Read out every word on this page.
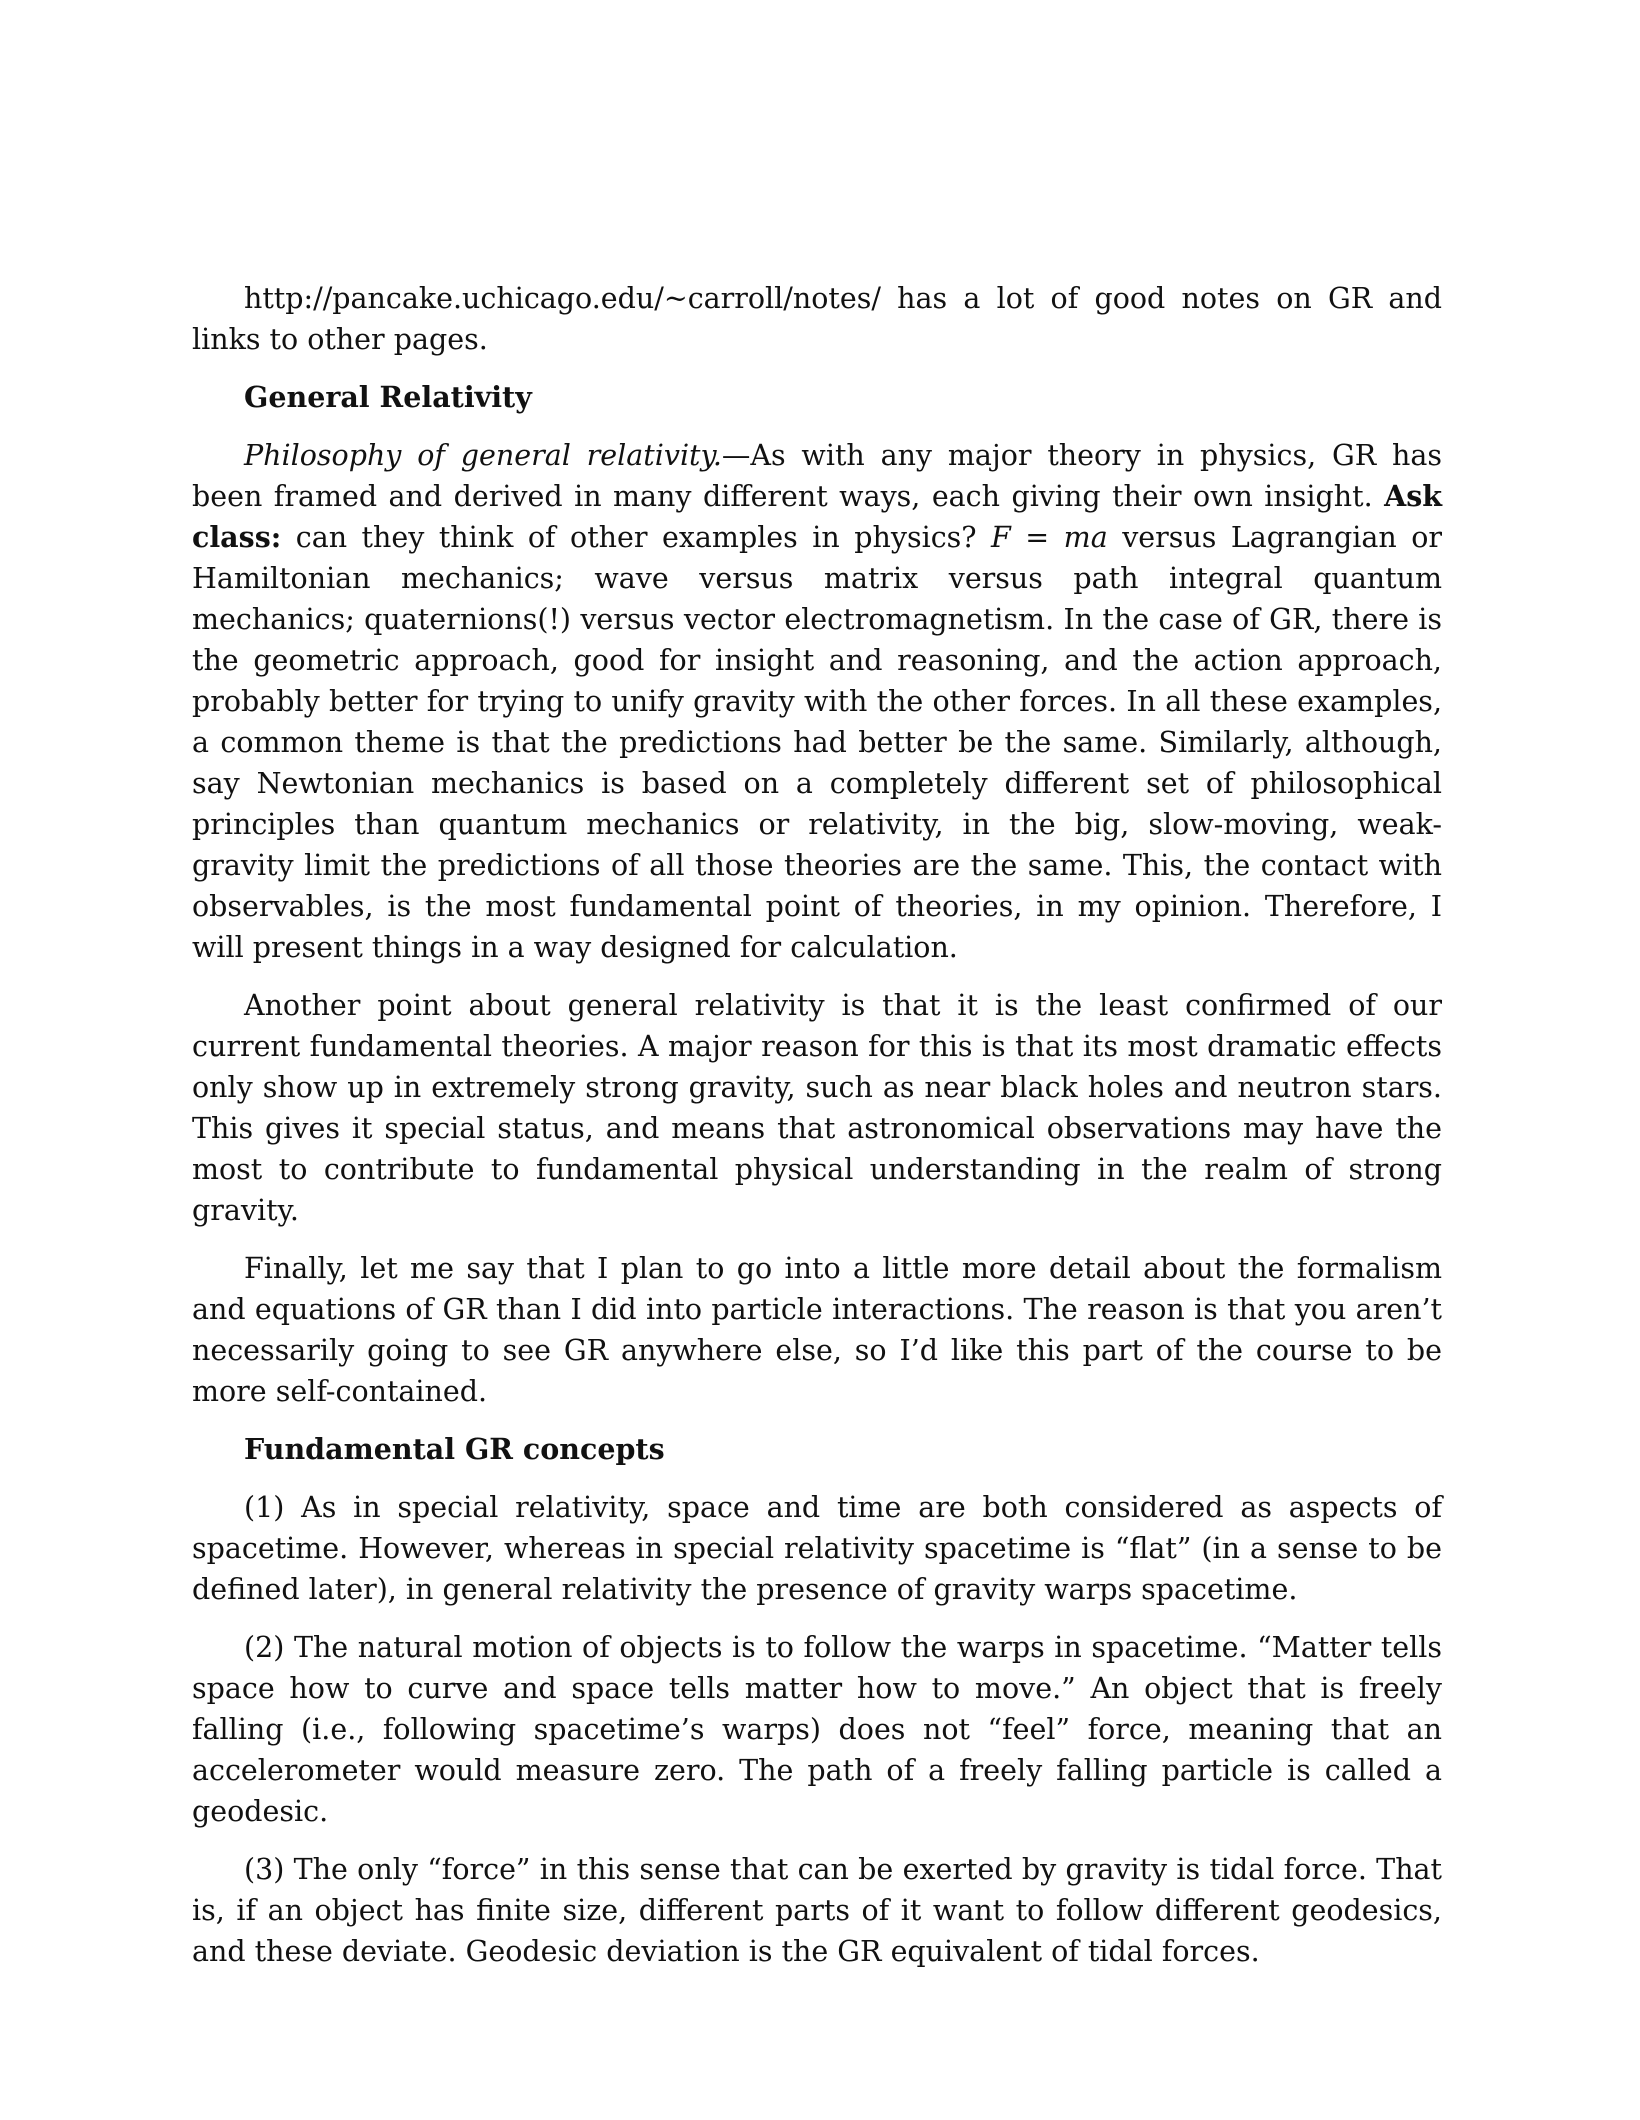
http://pancake.uchicago.edu/~carroll/notes/ has a lot of good notes on GR and links to other pages.

General Relativity

Philosophy of general relativity.—As with any major theory in physics, GR has been framed and derived in many different ways, each giving their own insight. Ask class: can they think of other examples in physics? F = ma versus Lagrangian or Hamiltonian mechanics; wave versus matrix versus path integral quantum mechanics; quaternions(!) versus vector electromagnetism. In the case of GR, there is the geometric approach, good for insight and reasoning, and the action approach, probably better for trying to unify gravity with the other forces. In all these examples, a common theme is that the predictions had better be the same. Similarly, although, say Newtonian mechanics is based on a completely different set of philosophical principles than quantum mechanics or relativity, in the big, slow-moving, weak-gravity limit the predictions of all those theories are the same. This, the contact with observables, is the most fundamental point of theories, in my opinion. Therefore, I will present things in a way designed for calculation.

Another point about general relativity is that it is the least confirmed of our current fundamental theories. A major reason for this is that its most dramatic effects only show up in extremely strong gravity, such as near black holes and neutron stars. This gives it special status, and means that astronomical observations may have the most to contribute to fundamental physical understanding in the realm of strong gravity.

Finally, let me say that I plan to go into a little more detail about the formalism and equations of GR than I did into particle interactions. The reason is that you aren’t necessarily going to see GR anywhere else, so I’d like this part of the course to be more self-contained.

Fundamental GR concepts

(1) As in special relativity, space and time are both considered as aspects of spacetime. However, whereas in special relativity spacetime is “flat” (in a sense to be defined later), in general relativity the presence of gravity warps spacetime.

(2) The natural motion of objects is to follow the warps in spacetime. “Matter tells space how to curve and space tells matter how to move.” An object that is freely falling (i.e., following spacetime’s warps) does not “feel” force, meaning that an accelerometer would measure zero. The path of a freely falling particle is called a geodesic.

(3) The only “force” in this sense that can be exerted by gravity is tidal force. That is, if an object has finite size, different parts of it want to follow different geodesics, and these deviate. Geodesic deviation is the GR equivalent of tidal forces.
